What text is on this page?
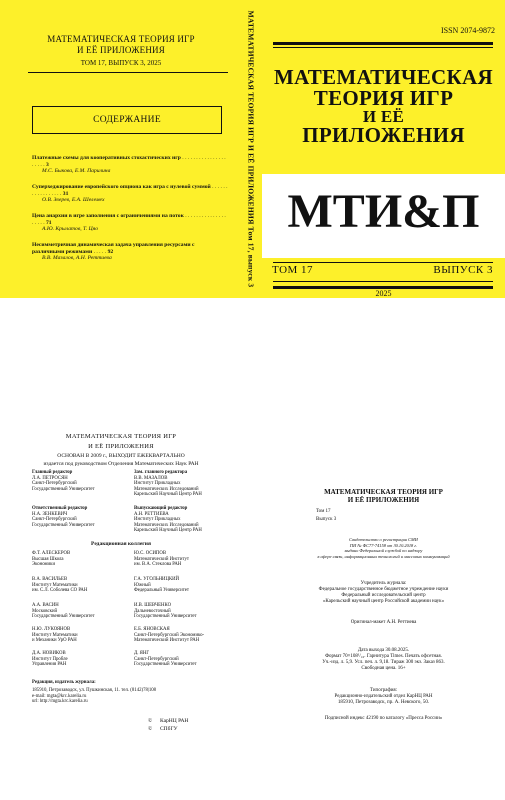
МАТЕМАТИЧЕСКАЯ ТЕОРИЯ ИГР
И ЕЁ ПРИЛОЖЕНИЯ
ТОМ 17, ВЫПУСК 3, 2025
СОДЕРЖАНИЕ
Платежные схемы для кооперативных стохастических игр . . . . . . . . . . . . . . . . . . . . . 3
М.С. Быкова, Е.М. Парилина
Суперхеджирование европейского опциона как игра с нулевой суммой . . . . . . . . . . . . . . . . . 31
О.В. Зверев, Е.А. Шелемех
Цена анархии в игре заполнения с ограничениями на поток . . . . . . . . . . . . . . . . . . . . 71
А.Ю. Крылатов, Т. Цяо
Несимметричная динамическая задача управления ресурсами с различными режимами . . . . . 92
В.В. Мазалов, А.Н. Реттиева	МАТЕМАТИЧЕСКАЯ ТЕОРИЯ ИГР И ЕЁ ПРИЛОЖЕНИЯ Том 17, выпуск 3	ISSN 2074-9872
МАТЕМАТИЧЕСКАЯ
ТЕОРИЯ ИГР
И ЕЁ
ПРИЛОЖЕНИЯ
МТИ&П
ТОМ 17	ВЫПУСК 3
МАТЕМАТИЧЕСКАЯ ТЕОРИЯ ИГР
И ЕЁ ПРИЛОЖЕНИЯ
ОСНОВАН В 2009 г., ВЫХОДИТ ЕЖЕКВАРТАЛЬНО
издается под руководством Отделения Математических Наук РАН
Главный редактор
Л.А. ПЕТРОСЯН
Санкт-Петербургский
Государственный Университет
Зам. главного редактора
В.В. МАЗАЛОВ
Институт Прикладных
Математических Исследований
Карельский Научный Центр РАН
Ответственный редактор
Н.А. ЗЕНКЕВИЧ
Санкт-Петербургский
Государственный Университет
Выпускающий редактор
А.Н. РЕТТИЕВА
Институт Прикладных
Математических Исследований
Карельский Научный Центр РАН
Редакционная коллегия
Ф.Т. АЛЕСКЕРОВ
Высшая Школа
Экономики
В.А. ВАСИЛЬЕВ
Институт Математики
им. С.Л. Соболева СО РАН
А.А. ВАСИН
Московский
Государственный Университет
Н.Ю. ЛУКОЯНОВ
Институт Математики
и Механики УрО РАН
Д.А. НОВИКОВ
Институт Пробле
Управления РАН
Ю.С. ОСИПОВ
Математический Институт
им. В.А. Стеклова РАН
Г.А. УГОЛЬНИЦКИЙ
Южный
Федеральный Университет
И.В. ШЕВЧЕНКО
Дальневосточный
Государственный Университет
Е.Б. ЯНОВСКАЯ
Санкт-Петербургский Экономико-
Математический Институт РАН
Д. ЯНГ
Санкт-Петербургский
Государственный Университет
Редакция, издатель журнала:
185910, Петрозаводск, ул. Пушкинская, 11. тел. (8142)78|108
e-mail: mgta@krc.karelia.ru
url: http://mgta.krc.karelia.ru
© КарНЦ РАН
© СПбГУ
МАТЕМАТИЧЕСКАЯ ТЕОРИЯ ИГР
И ЕЁ ПРИЛОЖЕНИЯ
Том 17
Выпуск 3
Свидетельство о регистрации СМИ
ПИ № ФС77-74158 от 30.10.2018 г.
выдано Федеральной службой по надзору
в сфере связи, информационных технологий и массовых коммуникаций
Учредитель журнала:
Федеральное государственное бюджетное учреждение науки
Федеральный исследовательский центр
«Карельский научный центр Российской академии наук»
Оригинал-макет А.Н. Реттиева
Дата выхода 30.08.2025.
Формат 70×108¹/₁₆. Гарнитура Times. Печать офсетная.
Уч.-изд. л. 5,9. Усл. печ. л. 9,18. Тираж 300 экз. Заказ 863.
Свободная цена. 16+
Типография:
Редакционно-издательский отдел КарНЦ РАН
185910, Петрозаводск, пр. А. Невского, 50.
Подписной индекс 42190 по каталогу «Пресса России»
2025
